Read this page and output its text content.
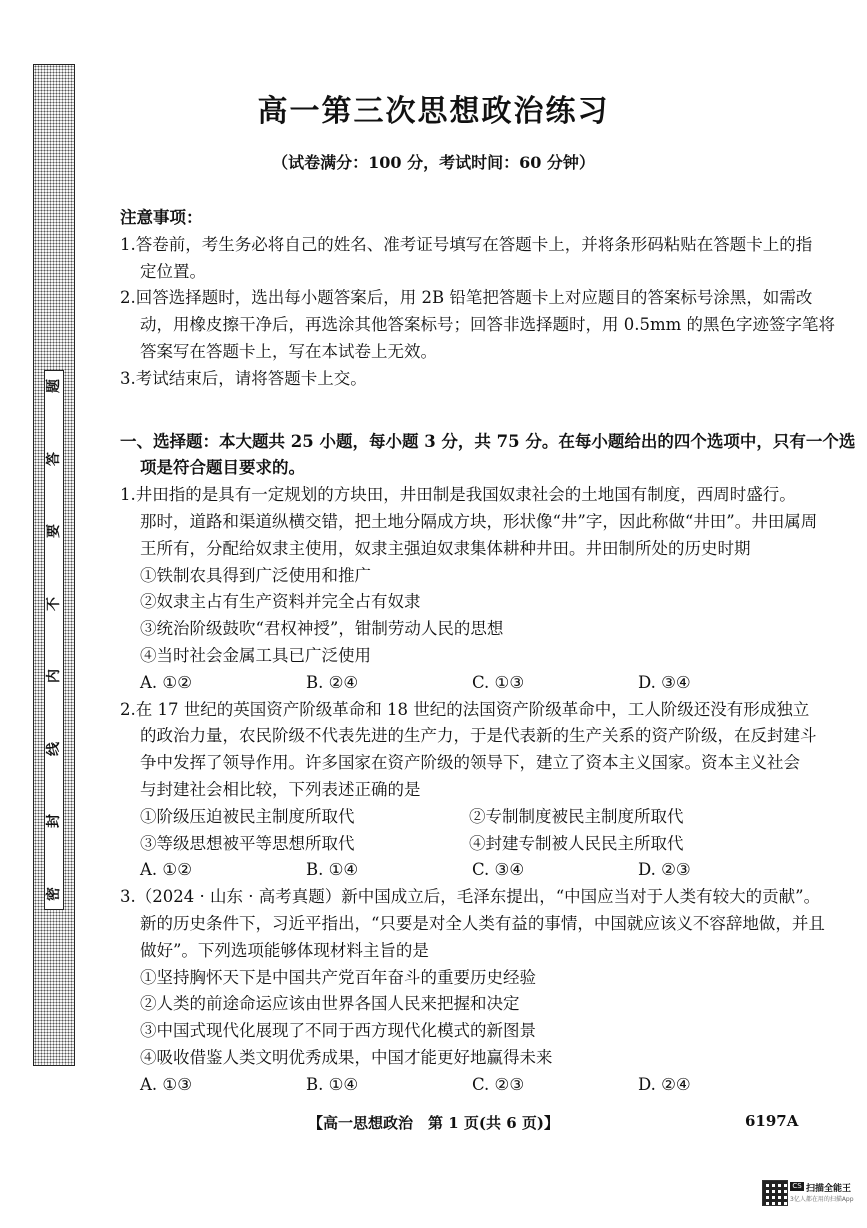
题
答
要
不
内
线
封
密
高一第三次思想政治练习
（试卷满分：100 分，考试时间：60 分钟）
注意事项：
1.答卷前，考生务必将自己的姓名、准考证号填写在答题卡上，并将条形码粘贴在答题卡上的指
定位置。
2.回答选择题时，选出每小题答案后，用 2B 铅笔把答题卡上对应题目的答案标号涂黑，如需改
动，用橡皮擦干净后，再选涂其他答案标号；回答非选择题时，用 0.5mm 的黑色字迹签字笔将
答案写在答题卡上，写在本试卷上无效。
3.考试结束后，请将答题卡上交。
一、选择题：本大题共 25 小题，每小题 3 分，共 75 分。在每小题给出的四个选项中，只有一个选
项是符合题目要求的。
1.井田指的是具有一定规划的方块田，井田制是我国奴隶社会的土地国有制度，西周时盛行。
那时，道路和渠道纵横交错，把土地分隔成方块，形状像“井”字，因此称做“井田”。井田属周
王所有，分配给奴隶主使用，奴隶主强迫奴隶集体耕种井田。井田制所处的历史时期
①铁制农具得到广泛使用和推广
②奴隶主占有生产资料并完全占有奴隶
③统治阶级鼓吹“君权神授”，钳制劳动人民的思想
④当时社会金属工具已广泛使用
A. ①②	B. ②④	C. ①③	D. ③④
2.在 17 世纪的英国资产阶级革命和 18 世纪的法国资产阶级革命中，工人阶级还没有形成独立
的政治力量，农民阶级不代表先进的生产力，于是代表新的生产关系的资产阶级，在反封建斗
争中发挥了领导作用。许多国家在资产阶级的领导下，建立了资本主义国家。资本主义社会
与封建社会相比较，下列表述正确的是
①阶级压迫被民主制度所取代	②专制制度被民主制度所取代
③等级思想被平等思想所取代	④封建专制被人民民主所取代
A. ①②	B. ①④	C. ③④	D. ②③
3.（2024 · 山东 · 高考真题）新中国成立后，毛泽东提出，“中国应当对于人类有较大的贡献”。
新的历史条件下，习近平指出，“只要是对全人类有益的事情，中国就应该义不容辞地做，并且
做好”。下列选项能够体现材料主旨的是
①坚持胸怀天下是中国共产党百年奋斗的重要历史经验
②人类的前途命运应该由世界各国人民来把握和决定
③中国式现代化展现了不同于西方现代化模式的新图景
④吸收借鉴人类文明优秀成果，中国才能更好地赢得未来
A. ①③	B. ①④	C. ②③	D. ②④
【高一思想政治　第 1 页(共 6 页)】	6197A
CS 扫描全能王
3亿人都在用的扫描App
